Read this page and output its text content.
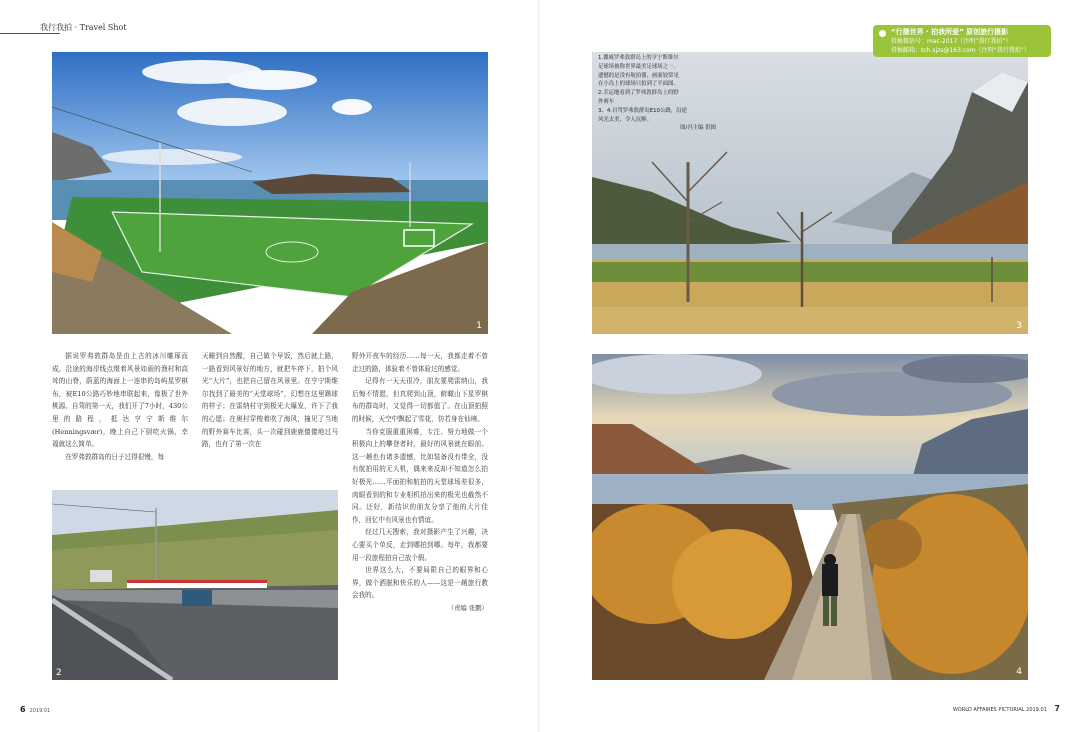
我行我拍 · Travel Shot
1
2

据说罗弗敦群岛是由上古的冰川雕琢而成，沿途的海岸线点缀着风景如画的渔村和高耸的山脊，蔚蓝的海面上一连串的岛屿星罗棋布，被E10公路巧妙地串联起来，像极了世外桃源。自驾的第一天，我们开了7小时，430公里的路程，抵达亨宁斯维尔(Henningsvær)，晚上自己下厨吃火锅，幸福就这么简单。

在罗弗敦群岛的日子过得很慢，每

天睡到自然醒，自己做个早饭，然后就上路，一路看到风景好的地方，就把车停下，拍个风光“大片”，也把自己留在风景里。在亨宁斯维尔找到了最美的“天堂球场”，幻想在这里踢球的样子；在雷纳村守到极光大爆发，许下了我的心愿；在奥村穿梭着吹了海风，撞见了当地的野外赛车比赛，头一次碰到鹿鹿傻傻地过马路，也有了第一次在

野外开夜车的经历……每一天，我都走着不曾走过的路，体验着不曾体验过的感觉。

记得有一天天很冷，朋友要爬雷纳山，我后悔不情愿，但真爬到山顶，俯瞰山下星罗棋布的群岛时，又觉得一切都值了。在山顶拍照的时候，天空中飘起了雪花，仿若身在仙境。

当你克服重重困难，专注、努力地做一个积极向上的攀登者时，最好的风景就在眼前。这一趟也有诸多遗憾，比如装备没有带全，没有航拍用的无人机，偶来来反却不知道怎么拍好极光……平面拍和航拍的天堂球场差很多，肉眼看到的和专业相机拍出来的极光也截然不同。还好，新结识的朋友分享了他的大片佳作，回忆中有风景也有情谊。

经过几天搜索，我对摄影产生了兴趣，决心要买个单反，走到哪拍到哪。每年，我都要用一段旅程拍自己放个假。

世界这么大，不要局限自己的眼界和心界，做个洒脱和快乐的人——这是一趟旅行教会我的。

（责编 张鹏）

6 2019.01
3
1.挪威罗弗敦群岛上的亨宁斯维尔
足球场被称世界最美足球场之一。
遗憾的是没有航拍器，画面较常见
在小岛上的球场只拍到了平面图。
2.幸运地看到了罗弗敦群岛上的野
外赛车
3、4.自驾罗弗敦群岛E10公路，沿途
风光太美，令人沉醉。
图/冯主编 供图
“行摄世界 · 拍我所爱” 原创旅行摄影
投稿微信号：mac-2017（注明“我行我拍”）
投稿邮箱：tch.sjzs@163.com（注明“我行我拍”）
4
WORLD AFFAIRES PICTORIAL 2019.01 7
